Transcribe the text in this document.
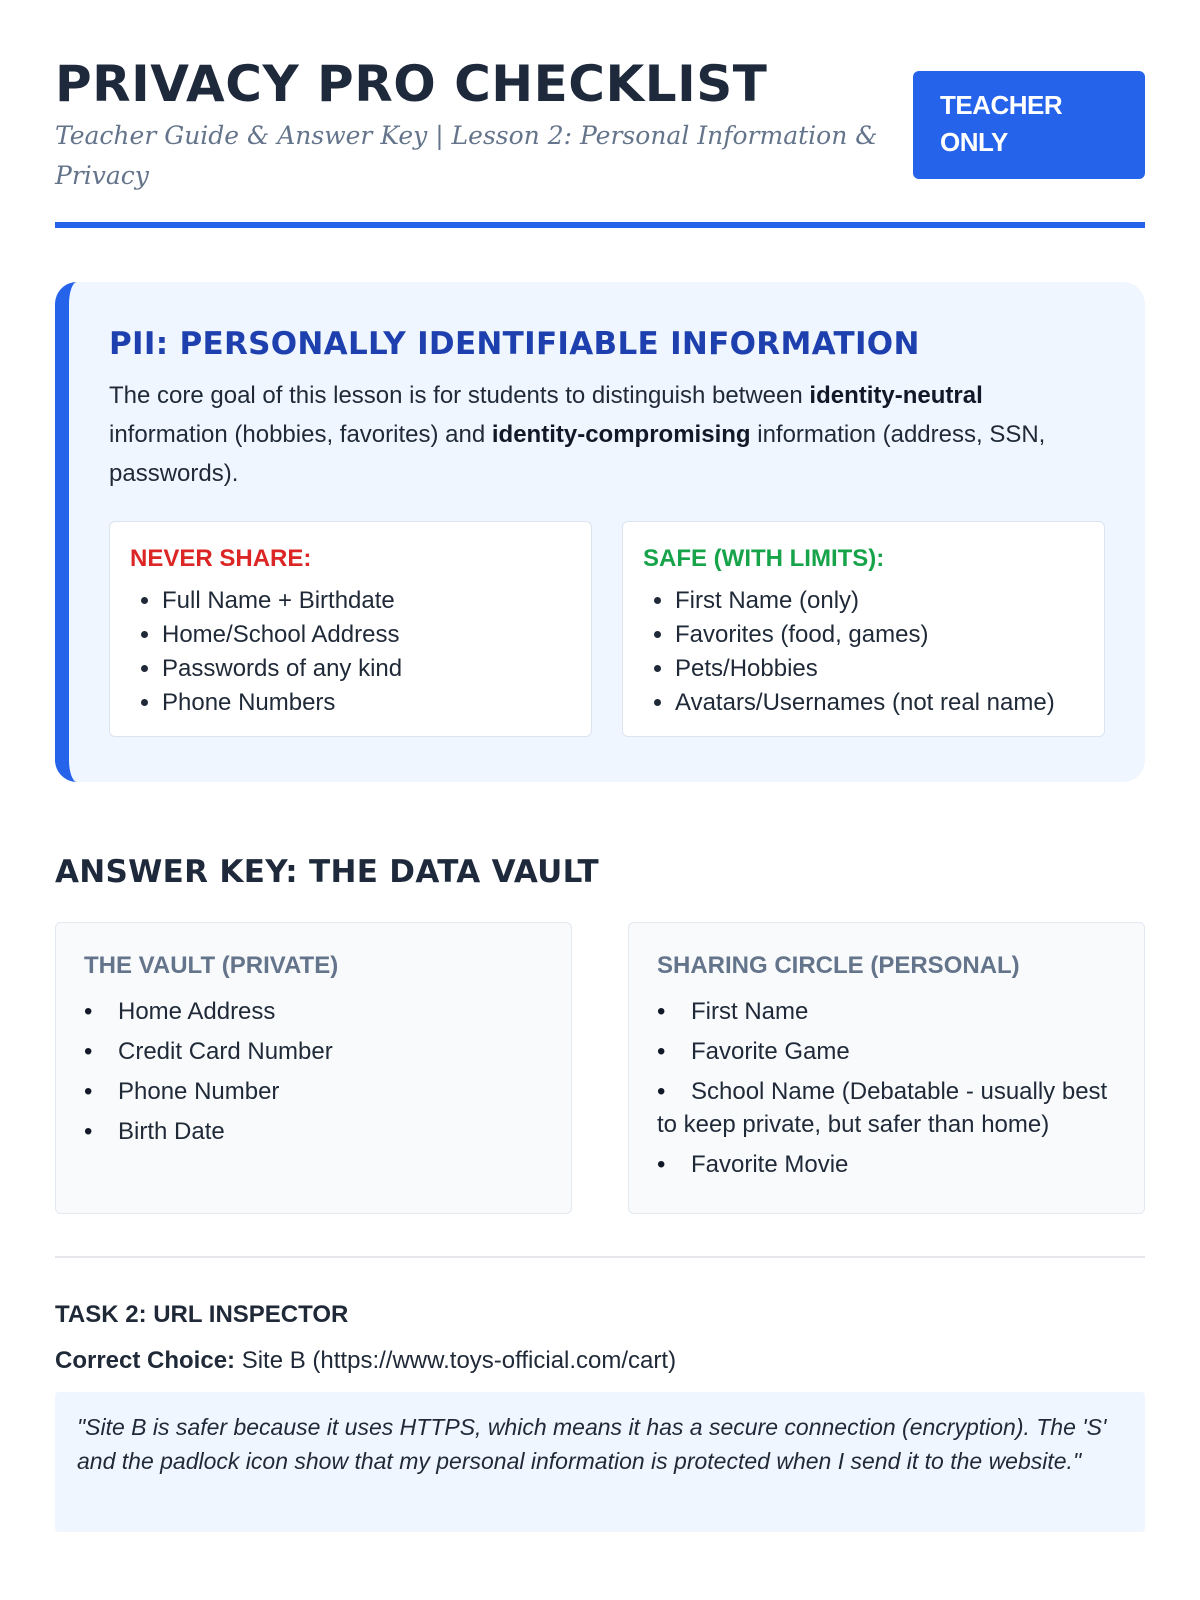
PRIVACY PRO CHECKLIST

Teacher Guide & Answer Key | Lesson 2: Personal Information & Privacy

TEACHER
ONLY
PII: PERSONALLY IDENTIFIABLE INFORMATION

The core goal of this lesson is for students to distinguish between identity-neutral information (hobbies, favorites) and identity-compromising information (address, SSN, passwords).

NEVER SHARE:
• Full Name + Birthdate
• Home/School Address
• Passwords of any kind
• Phone Numbers
SAFE (WITH LIMITS):
• First Name (only)
• Favorites (food, games)
• Pets/Hobbies
• Avatars/Usernames (not real name)
ANSWER KEY: THE DATA VAULT
THE VAULT (PRIVATE)
• Home Address
• Credit Card Number
• Phone Number
• Birth Date
SHARING CIRCLE (PERSONAL)
• First Name
• Favorite Game
• School Name (Debatable - usually best to keep private, but safer than home)
• Favorite Movie
TASK 2: URL INSPECTOR

Correct Choice: Site B (https://www.toys-official.com/cart)

"Site B is safer because it uses HTTPS, which means it has a secure connection (encryption). The 'S' and the padlock icon show that my personal information is protected when I send it to the website."
